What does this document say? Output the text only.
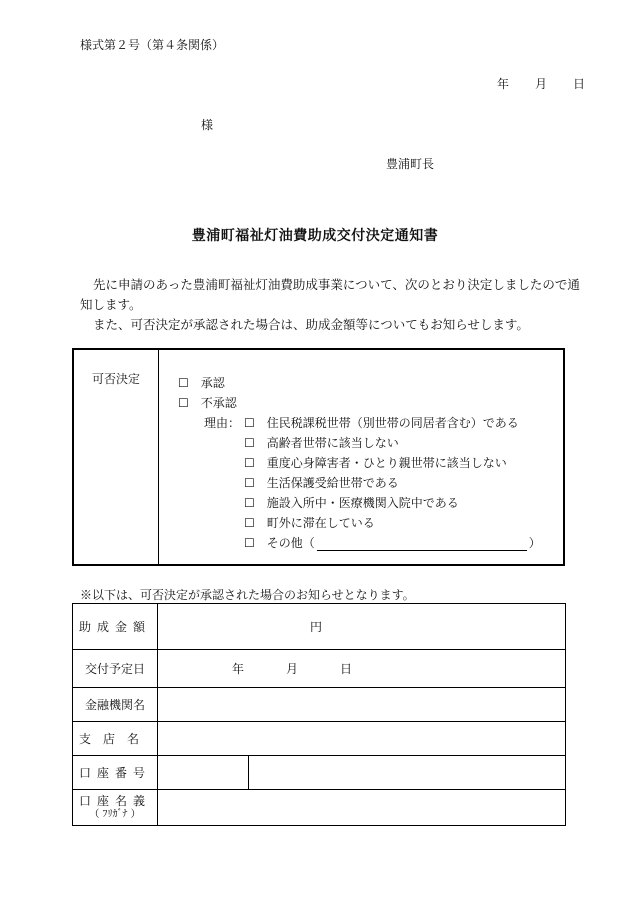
様式第２号（第４条関係）
年 月 日
様
豊浦町長
豊浦町福祉灯油費助成交付決定通知書

先に申請のあった豊浦町福祉灯油費助成事業について、次のとおり決定しましたので通知します。

また、可否決定が承認された場合は、助成金額等についてもお知らせします。

可否決定	☐ 承認
☐ 不承認
理由： ☐ 住民税課税世帯（別世帯の同居者含む）である
☐ 高齢者世帯に該当しない
☐ 重度心身障害者・ひとり親世帯に該当しない
☐ 生活保護受給世帯である
☐ 施設入所中・医療機関入院中である
☐ 町外に滞在している
☐ その他（	）
※以下は、可否決定が承認された場合のお知らせとなります。
助成金額	円	
交付予定日	年 月 日	
金融機関名		
支店名		
口座番号		

口座名義
（ ﾌﾘｶﾞﾅ ）		
